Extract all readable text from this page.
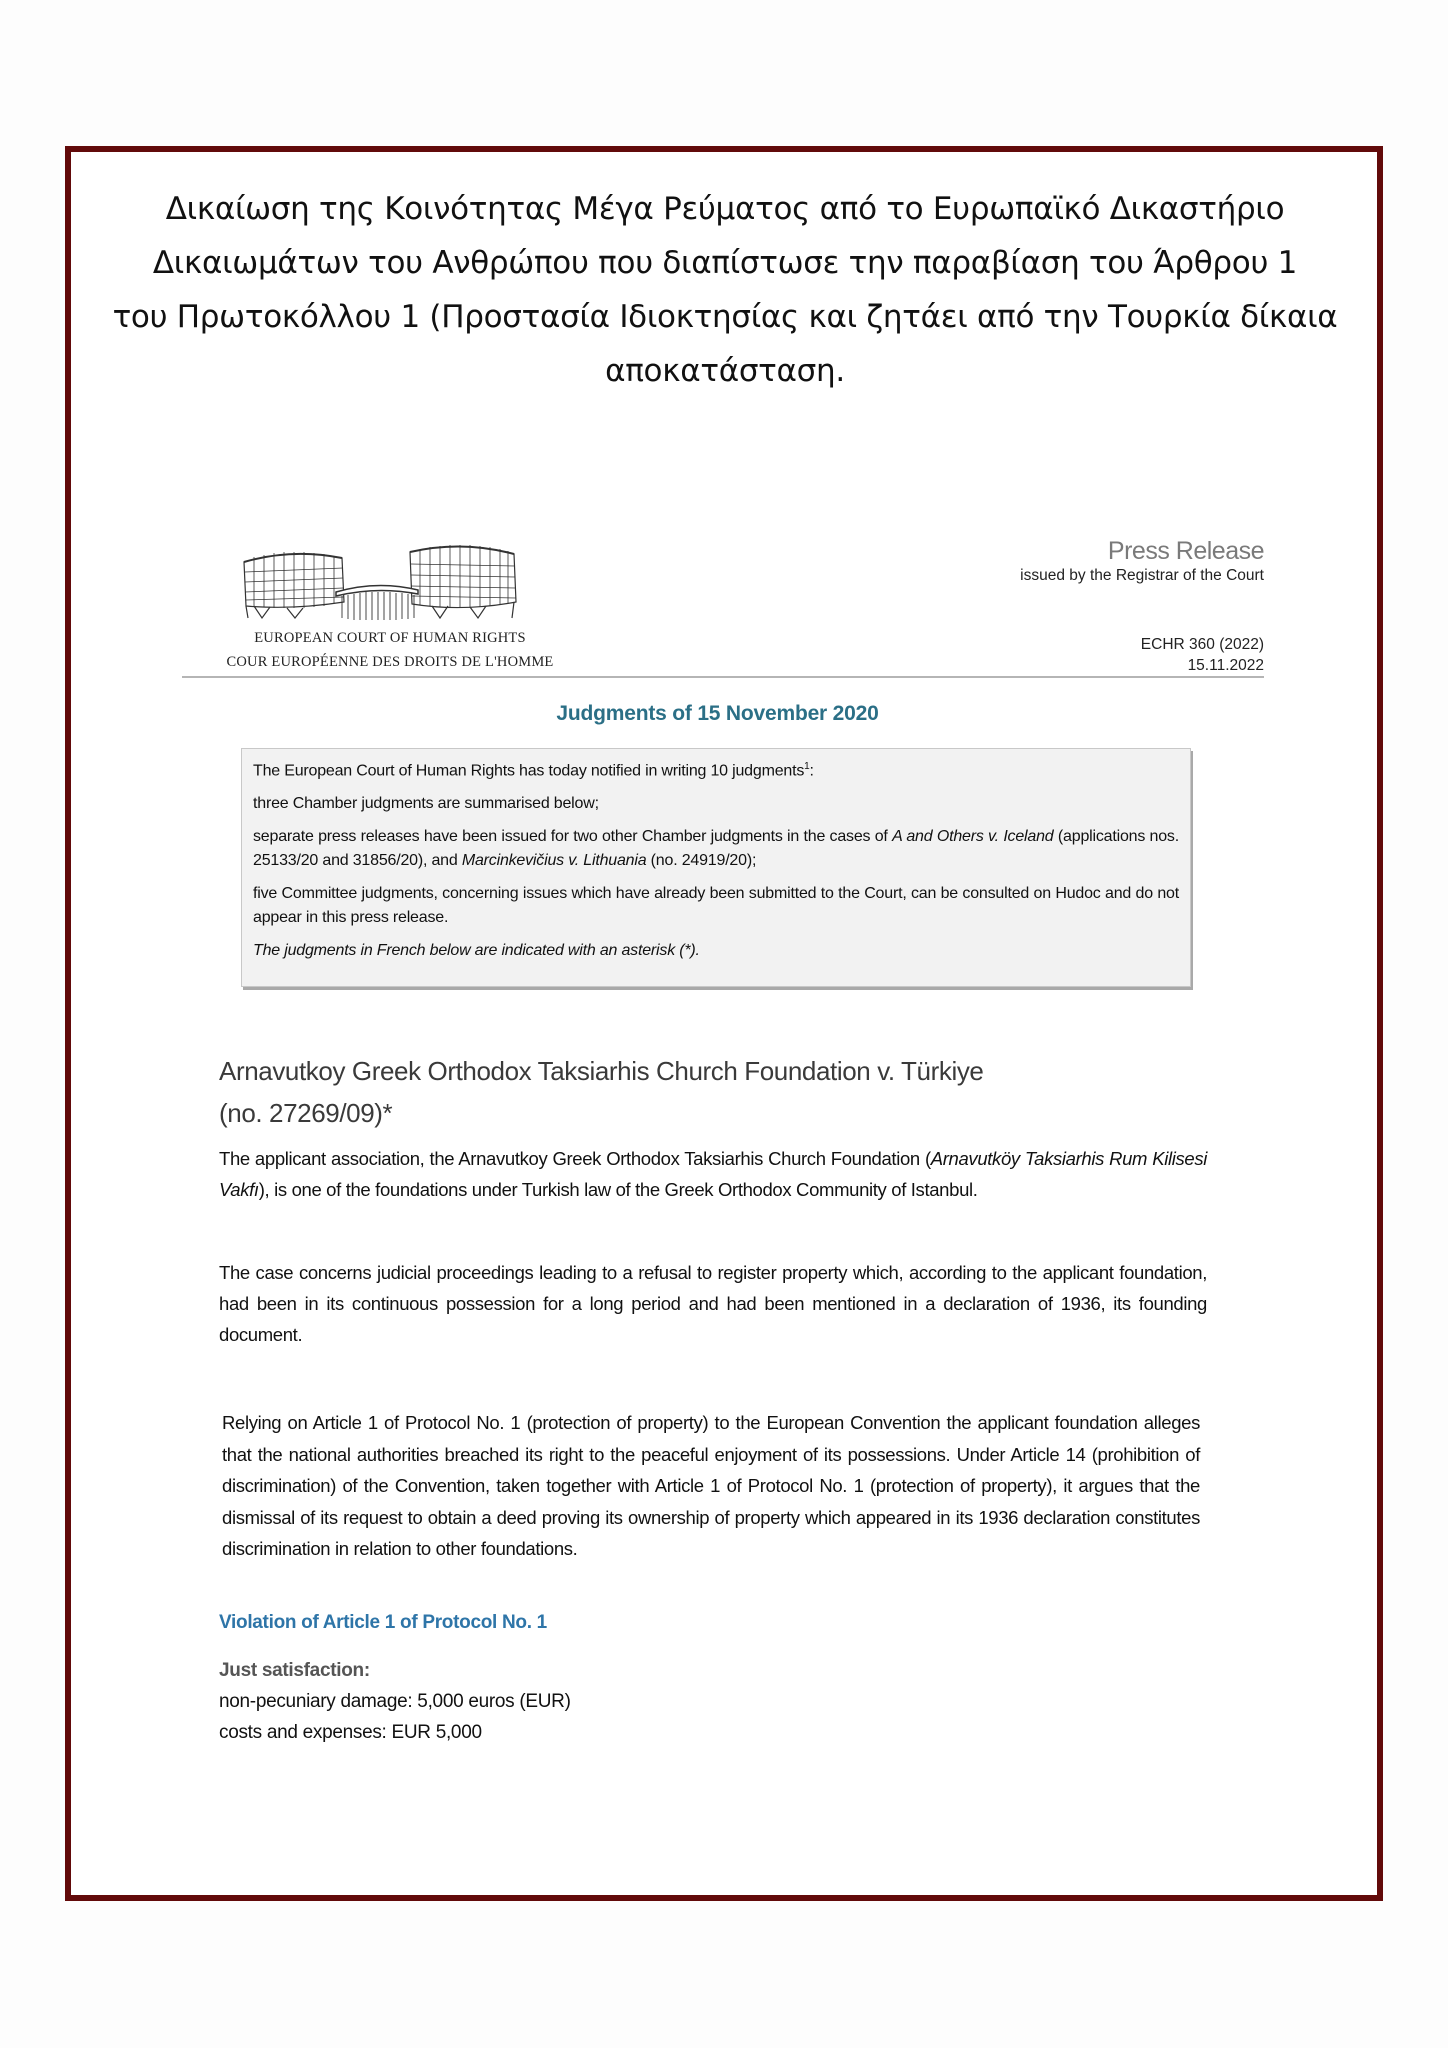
Δικαίωση της Κοινότητας Μέγα Ρεύματος από το Ευρωπαϊκό Δικαστήριο
Δικαιωμάτων του Ανθρώπου που διαπίστωσε την παραβίαση του Άρθρου 1
του Πρωτοκόλλου 1 (Προστασία Ιδιοκτησίας και ζητάει από την Τουρκία δίκαια
αποκατάσταση.
EUROPEAN COURT OF HUMAN RIGHTS
COUR EUROPÉENNE DES DROITS DE L'HOMME
Press Release
issued by the Registrar of the Court
ECHR 360 (2022)
15.11.2022
Judgments of 15 November 2020

The European Court of Human Rights has today notified in writing 10 judgments$^1$:

three Chamber judgments are summarised below;

separate press releases have been issued for two other Chamber judgments in the cases of A and Others v. Iceland (applications nos. 25133/20 and 31856/20), and Marcinkevičius v. Lithuania (no. 24919/20);

five Committee judgments, concerning issues which have already been submitted to the Court, can be consulted on Hudoc and do not appear in this press release.

The judgments in French below are indicated with an asterisk (*).

Arnavutkoy Greek Orthodox Taksiarhis Church Foundation v. Türkiye
(no. 27269/09)*
The applicant association, the Arnavutkoy Greek Orthodox Taksiarhis Church Foundation (Arnavutköy Taksiarhis Rum Kilisesi Vakfı), is one of the foundations under Turkish law of the Greek Orthodox Community of Istanbul.
The case concerns judicial proceedings leading to a refusal to register property which, according to the applicant foundation, had been in its continuous possession for a long period and had been mentioned in a declaration of 1936, its founding document.
Relying on Article 1 of Protocol No. 1 (protection of property) to the European Convention the applicant foundation alleges that the national authorities breached its right to the peaceful enjoyment of its possessions. Under Article 14 (prohibition of discrimination) of the Convention, taken together with Article 1 of Protocol No. 1 (protection of property), it argues that the dismissal of its request to obtain a deed proving its ownership of property which appeared in its 1936 declaration constitutes discrimination in relation to other foundations.
Violation of Article 1 of Protocol No. 1
Just satisfaction:
non-pecuniary damage: 5,000 euros (EUR)
costs and expenses: EUR 5,000
